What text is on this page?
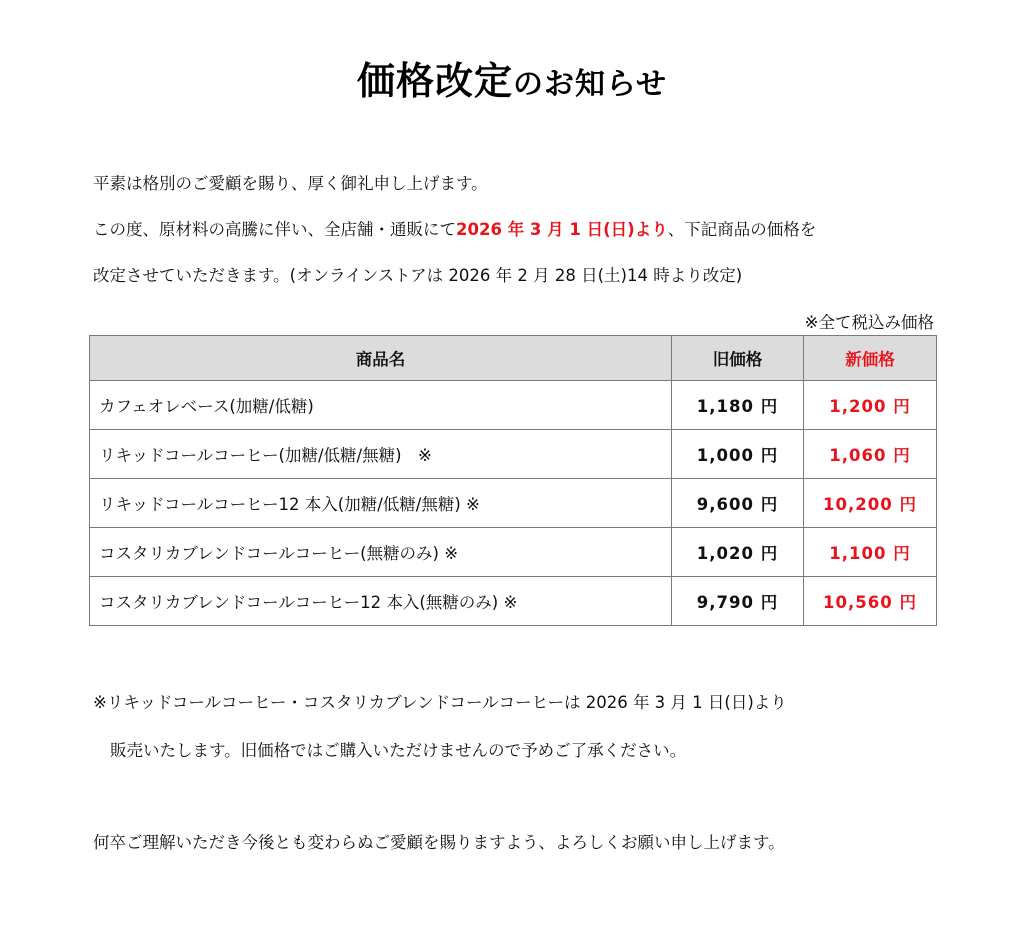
価格改定のお知らせ
平素は格別のご愛顧を賜り、厚く御礼申し上げます。
この度、原材料の高騰に伴い、全店舗・通販にて2026 年 3 月 1 日(日)より、下記商品の価格を
改定させていただきます。(オンラインストアは 2026 年 2 月 28 日(土)14 時より改定)
※全て税込み価格
商品名	旧価格	新価格
カフェオレベース(加糖/低糖)	1,180 円	1,200 円
リキッドコールコーヒー(加糖/低糖/無糖)　※	1,000 円	1,060 円
リキッドコールコーヒー12 本入(加糖/低糖/無糖) ※	9,600 円	10,200 円
コスタリカブレンドコールコーヒー(無糖のみ) ※	1,020 円	1,100 円
コスタリカブレンドコールコーヒー12 本入(無糖のみ) ※	9,790 円	10,560 円
※リキッドコールコーヒー・コスタリカブレンドコールコーヒーは 2026 年 3 月 1 日(日)より
販売いたします。旧価格ではご購入いただけませんので予めご了承ください。
何卒ご理解いただき今後とも変わらぬご愛顧を賜りますよう、よろしくお願い申し上げます。
